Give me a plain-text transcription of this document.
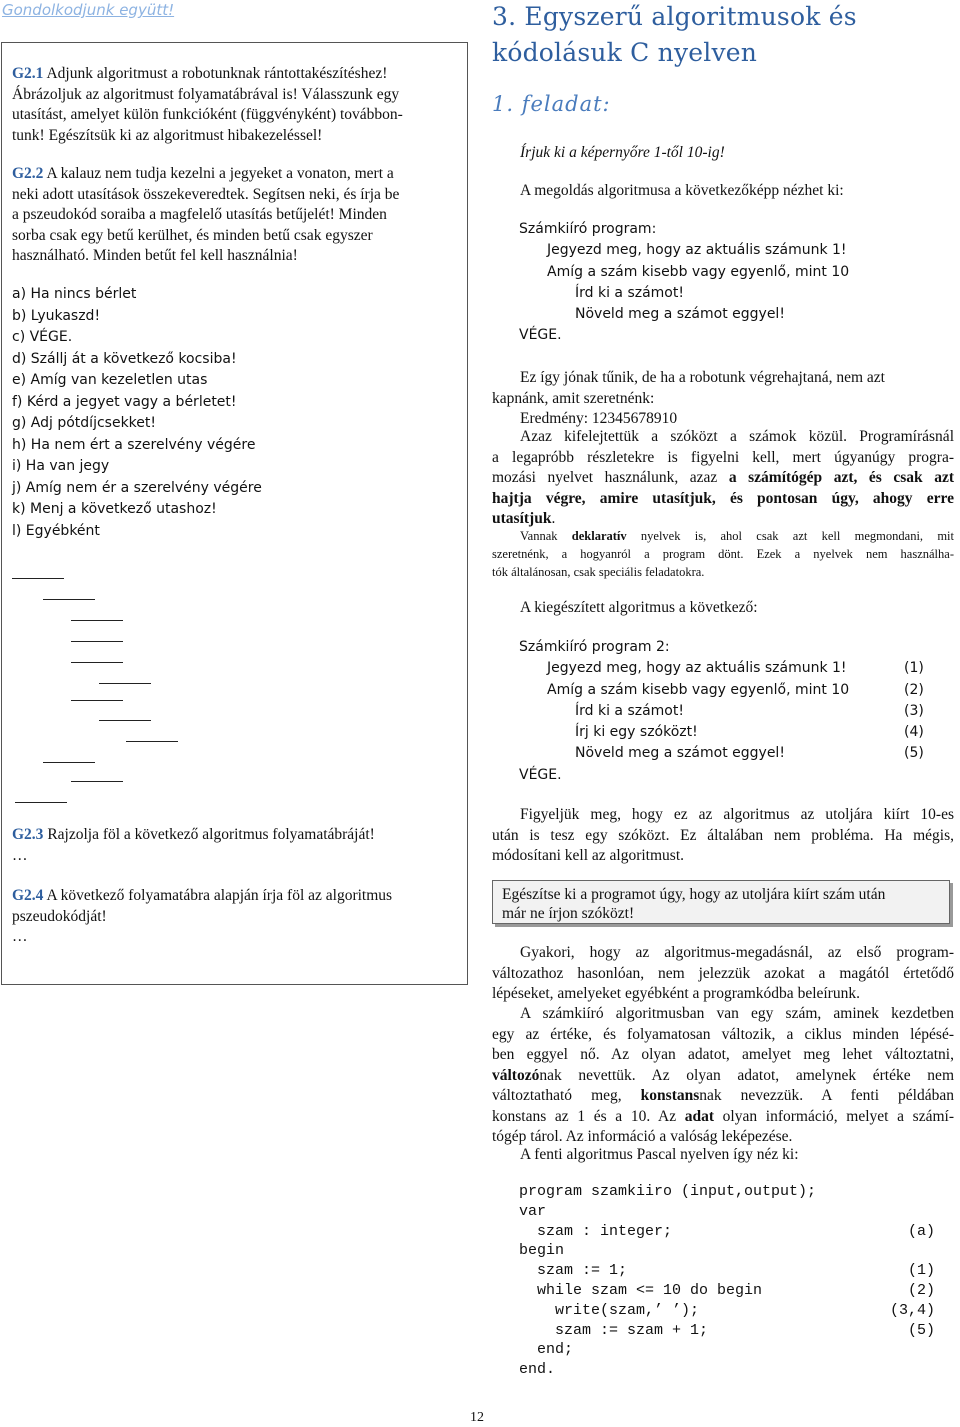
Gondolkodjunk együtt!
G2.1 Adjunk algoritmust a robotunknak rántottakészítéshez!
Ábrázoljuk az algoritmust folyamatábrával is! Válasszunk egy
utasítást, amelyet külön funkcióként (függvényként) továbbon-
tunk! Egészítsük ki az algoritmust hibakezeléssel!
G2.2 A kalauz nem tudja kezelni a jegyeket a vonaton, mert a
neki adott utasítások összekeveredtek. Segítsen neki, és írja be
a pszeudokód soraiba a magfelelő utasítás betűjelét! Minden
sorba csak egy betű kerülhet, és minden betű csak egyszer
használható. Minden betűt fel kell használnia!
a) Ha nincs bérlet
b) Lyukaszd!
c) VÉGE.
d) Szállj át a következő kocsiba!
e) Amíg van kezeletlen utas
f) Kérd a jegyet vagy a bérletet!
g) Adj pótdíjcsekket!
h) Ha nem ért a szerelvény végére
i) Ha van jegy
j) Amíg nem ér a szerelvény végére
k) Menj a következő utashoz!
l) Egyébként
G2.3 Rajzolja föl a következő algoritmus folyamatábráját!
…
G2.4 A következő folyamatábra alapján írja föl az algoritmus
pszeudokódját!
…
3. Egyszerű algoritmusok és
kódolásuk C nyelven
1. feladat:
Írjuk ki a képernyőre 1-től 10-ig!
A megoldás algoritmusa a következőképp nézhet ki:
Számkiíró program:
Jegyezd meg, hogy az aktuális számunk 1!
Amíg a szám kisebb vagy egyenlő, mint 10
Írd ki a számot!
Növeld meg a számot eggyel!
VÉGE.
Ez így jónak tűnik, de ha a robotunk végrehajtaná, nem azt
kapnánk, amit szeretnénk:
Eredmény: 12345678910
Azaz kifelejtettük a szóközt a számok közül. Programírásnál
a legapróbb részletekre is figyelni kell, mert úgyanúgy progra-
mozási nyelvet használunk, azaz a számítógép azt, és csak azt
hajtja végre, amire utasítjuk, és pontosan úgy, ahogy erre
utasítjuk.
Vannak deklaratív nyelvek is, ahol csak azt kell megmondani, mit
szeretnénk, a hogyanról a program dönt. Ezek a nyelvek nem használha-
tók általánosan, csak speciális feladatokra.
A kiegészített algoritmus a következő:
Számkiíró program 2:
Jegyezd meg, hogy az aktuális számunk 1!	(1)
Amíg a szám kisebb vagy egyenlő, mint 10	(2)
Írd ki a számot!	(3)
Írj ki egy szóközt!	(4)
Növeld meg a számot eggyel!	(5)
VÉGE.
Figyeljük meg, hogy ez az algoritmus az utoljára kiírt 10-es
után is tesz egy szóközt. Ez általában nem probléma. Ha mégis,
módosítani kell az algoritmust.
Egészítse ki a programot úgy, hogy az utoljára kiírt szám után
már ne írjon szóközt!
Gyakori, hogy az algoritmus-megadásnál, az első program-
változathoz hasonlóan, nem jelezzük azokat a magától értetődő
lépéseket, amelyeket egyébként a programkódba beleírunk.
A számkiíró algoritmusban van egy szám, aminek kezdetben
egy az értéke, és folyamatosan változik, a ciklus minden lépésé-
ben eggyel nő. Az olyan adatot, amelyet meg lehet változtatni,
változónak nevettük. Az olyan adatot, amelynek értéke nem
változtatható meg, konstansnak nevezzük. A fenti példában
konstans az 1 és a 10. Az adat olyan információ, melyet a számí-
tógép tárol. Az információ a valóság leképezése.
A fenti algoritmus Pascal nyelven így néz ki:
program szamkiiro (input,output);
var
szam : integer;	(a)
begin
szam := 1;	(1)
while szam <= 10 do begin	(2)
write(szam,’ ’);	(3,4)
szam := szam + 1;	(5)
end;
end.
12
